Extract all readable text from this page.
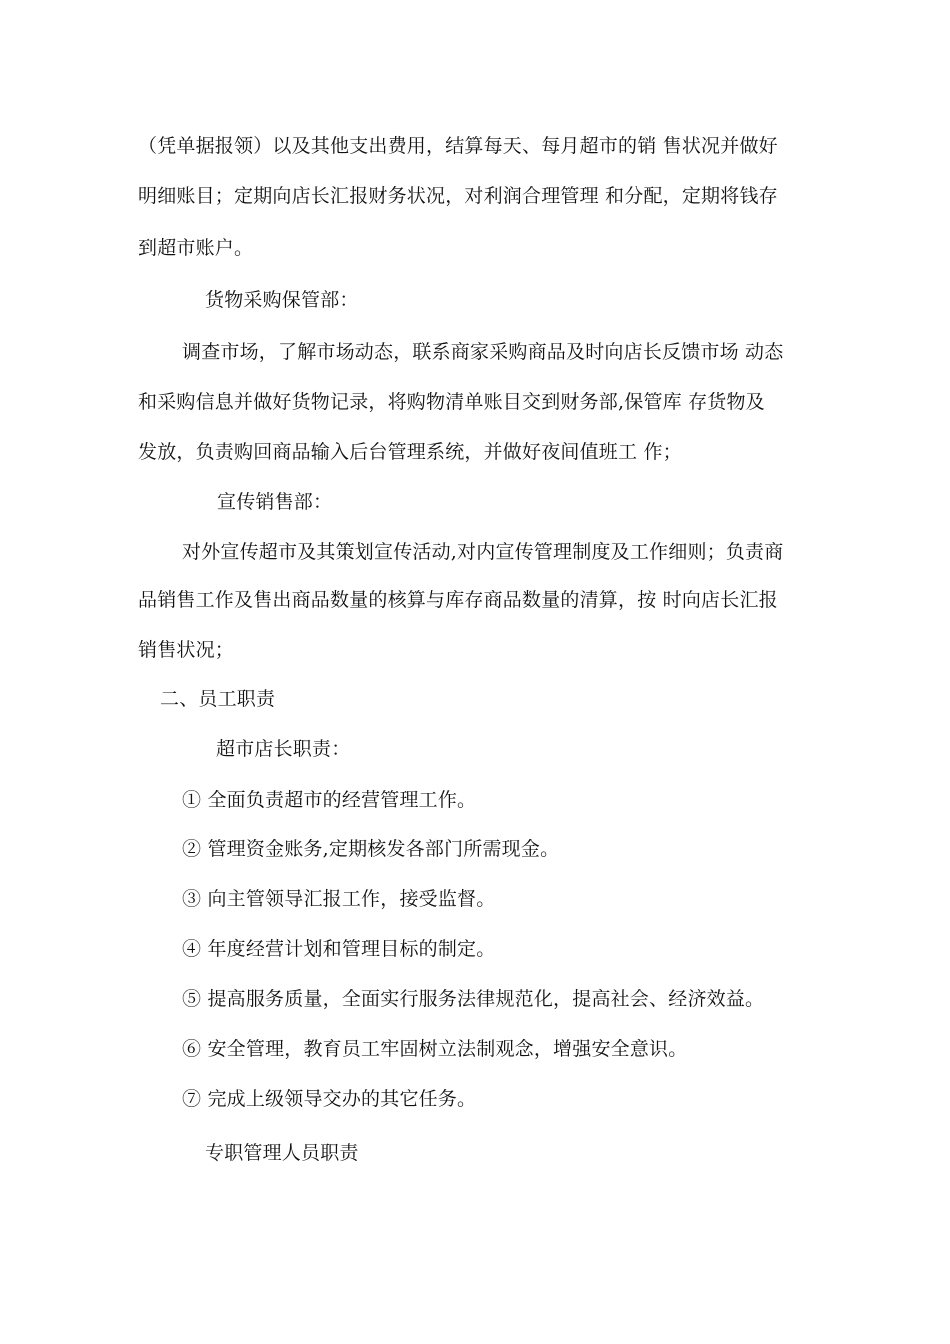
（凭单据报领）以及其他支出费用，结算每天、每月超市的销 售状况并做好
明细账目；定期向店长汇报财务状况，对利润合理管理 和分配，定期将钱存
到超市账户。
货物采购保管部：
调查市场，了解市场动态，联系商家采购商品及时向店长反馈市场 动态
和采购信息并做好货物记录，将购物清单账目交到财务部,保管库 存货物及
发放，负责购回商品输入后台管理系统，并做好夜间值班工 作；
宣传销售部：
对外宣传超市及其策划宣传活动,对内宣传管理制度及工作细则；负责商
品销售工作及售出商品数量的核算与库存商品数量的清算，按 时向店长汇报
销售状况；
二、员工职责
超市店长职责：
① 全面负责超市的经营管理工作。
② 管理资金账务,定期核发各部门所需现金。
③ 向主管领导汇报工作，接受监督。
④ 年度经营计划和管理目标的制定。
⑤ 提高服务质量，全面实行服务法律规范化，提高社会、经济效益。
⑥ 安全管理，教育员工牢固树立法制观念，增强安全意识。
⑦ 完成上级领导交办的其它任务。
专职管理人员职责
